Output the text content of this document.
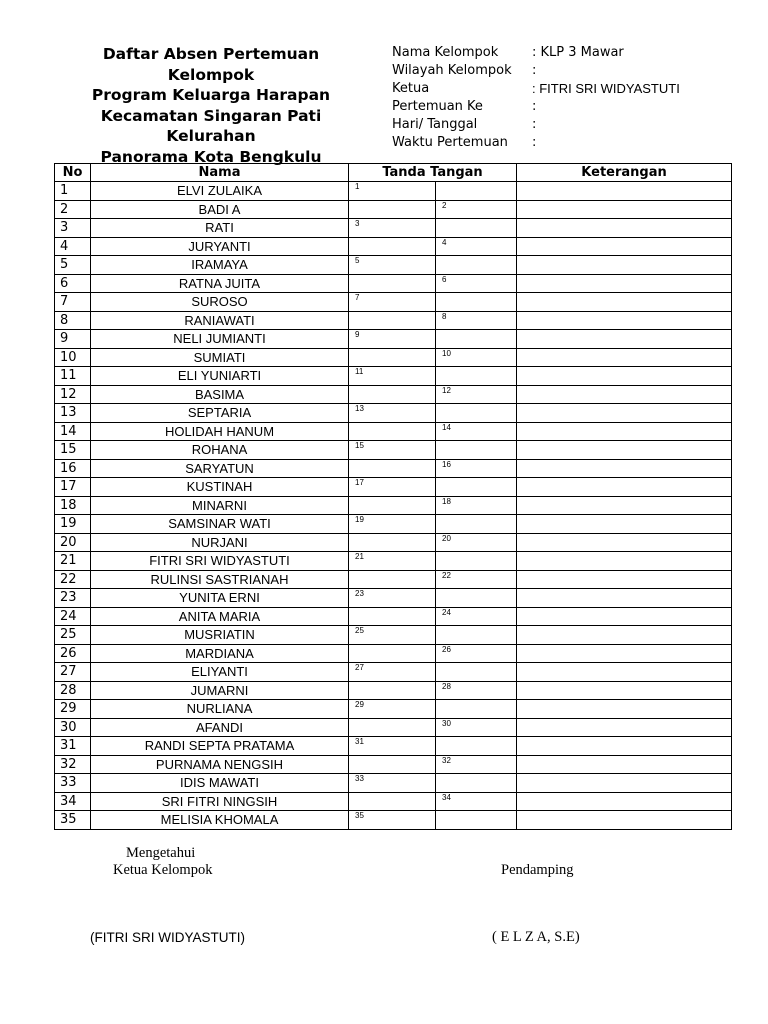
Daftar Absen Pertemuan Kelompok
Program Keluarga Harapan
Kecamatan Singaran Pati Kelurahan
Panorama Kota Bengkulu
Nama Kelompok	: KLP 3 Mawar
Wilayah Kelompok	:
Ketua	: FITRI SRI WIDYASTUTI
Pertemuan Ke	:
Hari/ Tanggal	:
Waktu Pertemuan	:
No	Nama	Tanda Tangan		Keterangan
1	ELVI ZULAIKA	1		
2	BADI A		2	
3	RATI	3		
4	JURYANTI		4	
5	IRAMAYA	5		
6	RATNA JUITA		6	
7	SUROSO	7		
8	RANIAWATI		8	
9	NELI JUMIANTI	9		
10	SUMIATI		10	
11	ELI YUNIARTI	11		
12	BASIMA		12	
13	SEPTARIA	13		
14	HOLIDAH HANUM		14	
15	ROHANA	15		
16	SARYATUN		16	
17	KUSTINAH	17		
18	MINARNI		18	
19	SAMSINAR WATI	19		
20	NURJANI		20	
21	FITRI SRI WIDYASTUTI	21		
22	RULINSI SASTRIANAH		22	
23	YUNITA ERNI	23		
24	ANITA MARIA		24	
25	MUSRIATIN	25		
26	MARDIANA		26	
27	ELIYANTI	27		
28	JUMARNI		28	
29	NURLIANA	29		
30	AFANDI		30	
31	RANDI SEPTA PRATAMA	31		
32	PURNAMA NENGSIH		32	
33	IDIS MAWATI	33		
34	SRI FITRI NINGSIH		34	
35	MELISIA KHOMALA	35		
Mengetahui
Ketua Kelompok	Pendamping
(FITRI SRI WIDYASTUTI)	( E L Z A, S.E)
